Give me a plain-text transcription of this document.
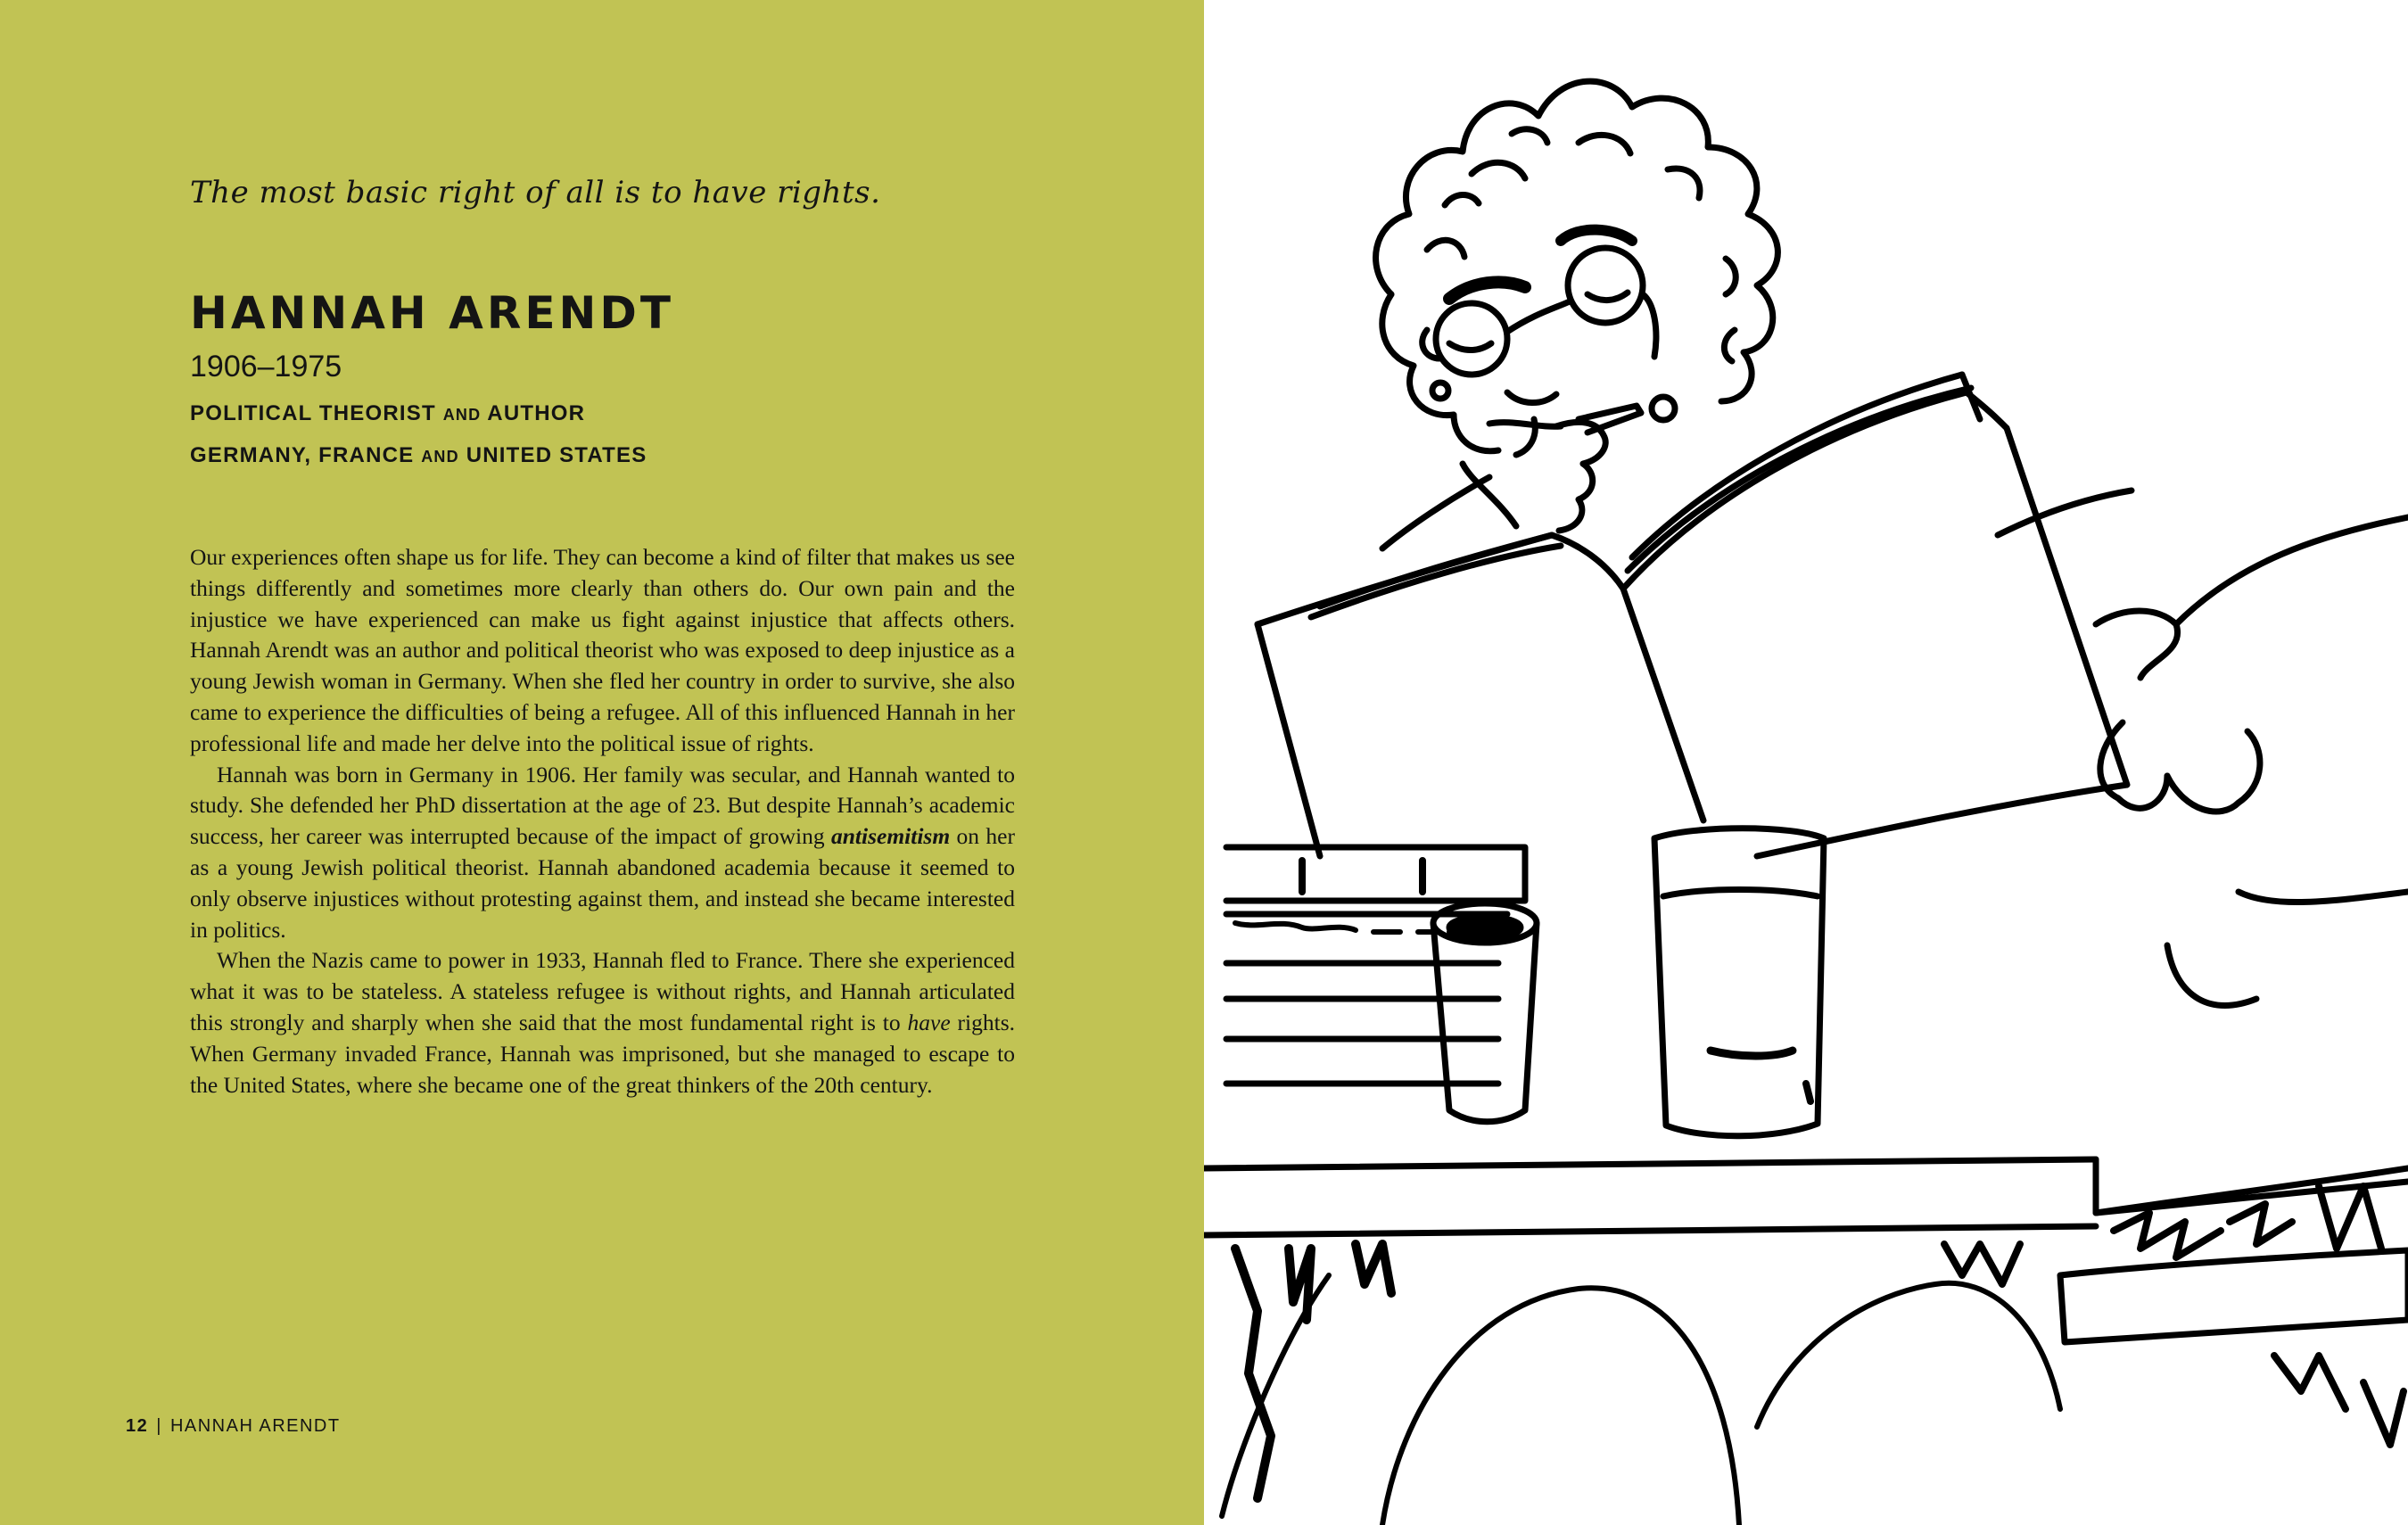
The most basic right of all is to have rights.
HANNAH ARENDT
1906–1975
POLITICAL THEORIST AND AUTHOR
GERMANY, FRANCE AND UNITED STATES

Our experiences often shape us for life. They can become a kind of filter that makes us see things differently and sometimes more clearly than others do. Our own pain and the injustice we have experienced can make us fight against injustice that affects others. Hannah Arendt was an author and political theorist who was exposed to deep injustice as a young Jewish woman in Germany. When she fled her country in order to survive, she also came to experience the difficulties of being a refugee. All of this influenced Hannah in her professional life and made her delve into the political issue of rights.

Hannah was born in Germany in 1906. Her family was secular, and Hannah wanted to study. She defended her PhD dissertation at the age of 23. But despite Hannah’s academic success, her career was interrupted because of the impact of growing antisemitism on her as a young Jewish political theorist. Hannah abandoned academia because it seemed to only observe injustices without protesting against them, and instead she became interested in politics.

When the Nazis came to power in 1933, Hannah fled to France. There she experienced what it was to be stateless. A stateless refugee is without rights, and Hannah articulated this strongly and sharply when she said that the most fundamental right is to have rights. When Germany invaded France, Hannah was imprisoned, but she managed to escape to the United States, where she became one of the great thinkers of the 20th century.

12 | HANNAH ARENDT
